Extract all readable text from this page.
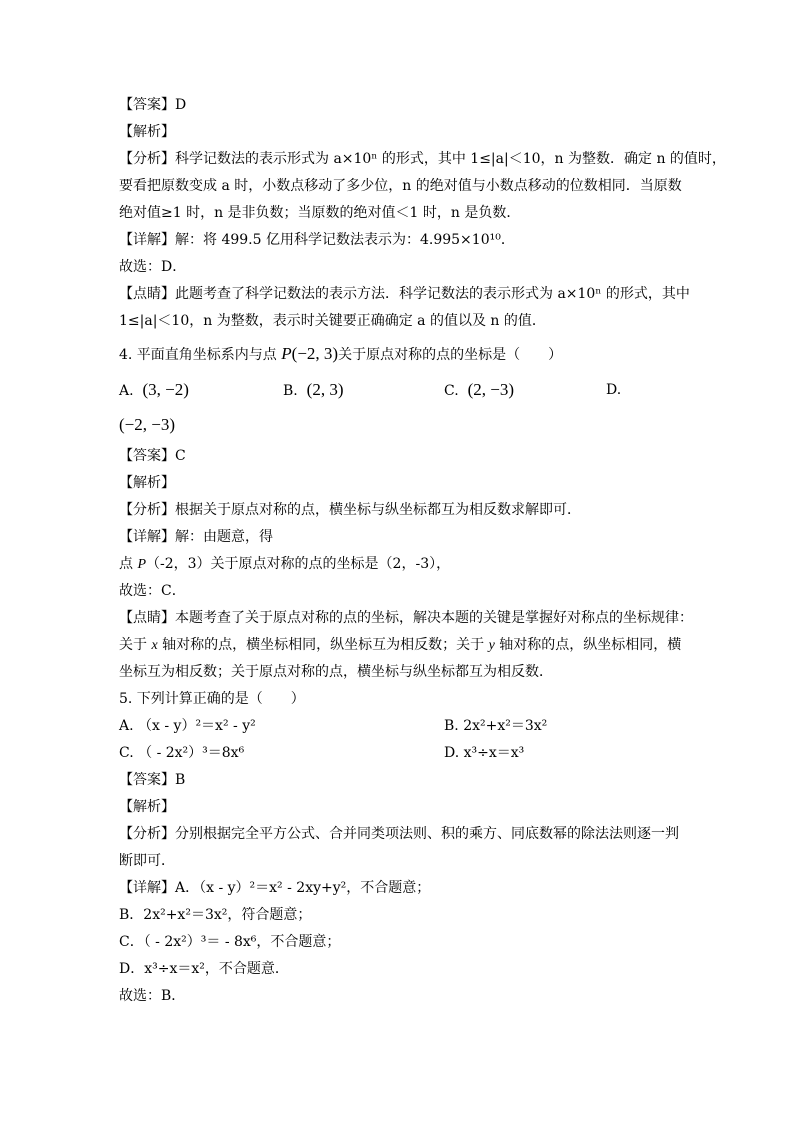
【答案】D
【解析】
【分析】科学记数法的表示形式为 a×10ⁿ 的形式，其中 1≤|a|＜10，n 为整数．确定 n 的值时，
要看把原数变成 a 时，小数点移动了多少位，n 的绝对值与小数点移动的位数相同．当原数
绝对值≥1 时，n 是非负数；当原数的绝对值＜1 时，n 是负数．
【详解】解：将 499.5 亿用科学记数法表示为：4.995×10¹⁰．
故选：D．
【点睛】此题考查了科学记数法的表示方法．科学记数法的表示形式为 a×10ⁿ 的形式，其中
1≤|a|＜10，n 为整数，表示时关键要正确确定 a 的值以及 n 的值．
4. 平面直角坐标系内与点 P(−2, 3)关于原点对称的点的坐标是（　　）
A. (3, −2)	B. (2, 3)	C. (2, −3)	D.
(−2, −3)
【答案】C
【解析】
【分析】根据关于原点对称的点，横坐标与纵坐标都互为相反数求解即可．
【详解】解：由题意，得
点 P（-2，3）关于原点对称的点的坐标是（2，-3），
故选：C．
【点睛】本题考查了关于原点对称的点的坐标，解决本题的关键是掌握好对称点的坐标规律：
关于 x 轴对称的点，横坐标相同，纵坐标互为相反数；关于 y 轴对称的点，纵坐标相同，横
坐标互为相反数；关于原点对称的点，横坐标与纵坐标都互为相反数．
5. 下列计算正确的是（　　）
A. （x - y）²＝x² - y²	B. 2x²+x²＝3x²
C. （ - 2x²）³＝8x⁶	D. x³÷x＝x³
【答案】B
【解析】
【分析】分别根据完全平方公式、合并同类项法则、积的乘方、同底数幂的除法法则逐一判
断即可．
【详解】A．（x - y）²＝x² - 2xy+y²，不合题意；
B．2x²+x²＝3x²，符合题意；
C．（ - 2x²）³＝ - 8x⁶，不合题意；
D．x³÷x＝x²，不合题意．
故选：B．
